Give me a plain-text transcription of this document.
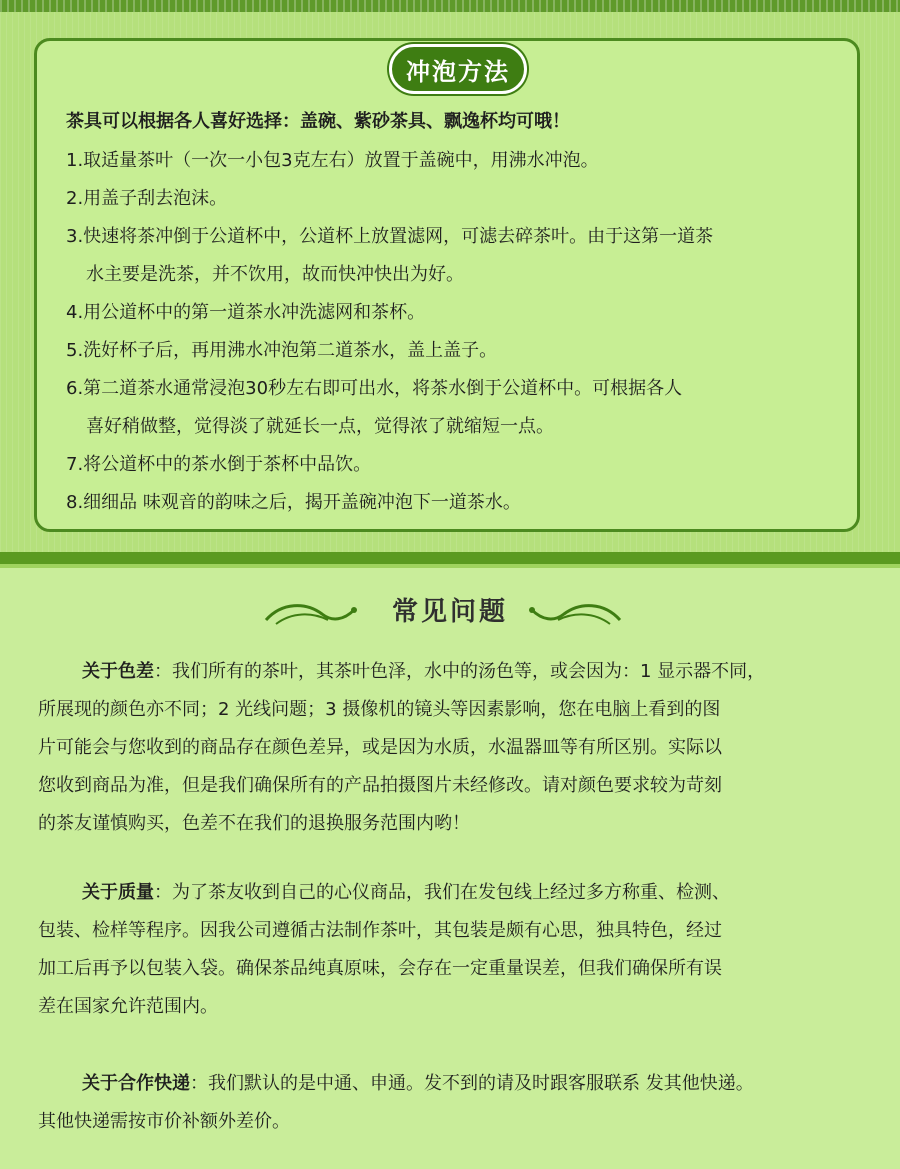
冲泡方法
茶具可以根据各人喜好选择：盖碗、紫砂茶具、飘逸杯均可哦！
1.取适量茶叶（一次一小包3克左右）放置于盖碗中，用沸水冲泡。
2.用盖子刮去泡沫。
3.快速将茶冲倒于公道杯中，公道杯上放置滤网，可滤去碎茶叶。由于这第一道茶
水主要是洗茶，并不饮用，故而快冲快出为好。
4.用公道杯中的第一道茶水冲洗滤网和茶杯。
5.洗好杯子后，再用沸水冲泡第二道茶水，盖上盖子。
6.第二道茶水通常浸泡30秒左右即可出水，将茶水倒于公道杯中。可根据各人
喜好稍做整，觉得淡了就延长一点，觉得浓了就缩短一点。
7.将公道杯中的茶水倒于茶杯中品饮。
8.细细品 味观音的韵味之后，揭开盖碗冲泡下一道茶水。
常见问题
关于色差：我们所有的茶叶，其茶叶色泽，水中的汤色等，或会因为：1 显示器不同，
所展现的颜色亦不同；2 光线问题；3 摄像机的镜头等因素影响，您在电脑上看到的图
片可能会与您收到的商品存在颜色差异，或是因为水质，水温器皿等有所区别。实际以
您收到商品为准，但是我们确保所有的产品拍摄图片未经修改。请对颜色要求较为苛刻
的茶友谨慎购买，色差不在我们的退换服务范围内哟！
关于质量：为了茶友收到自己的心仪商品，我们在发包线上经过多方称重、检测、
包装、检样等程序。因我公司遵循古法制作茶叶，其包装是颇有心思，独具特色，经过
加工后再予以包装入袋。确保茶品纯真原味，会存在一定重量误差，但我们确保所有误
差在国家允许范围内。
关于合作快递：我们默认的是中通、申通。发不到的请及时跟客服联系 发其他快递。
其他快递需按市价补额外差价。
